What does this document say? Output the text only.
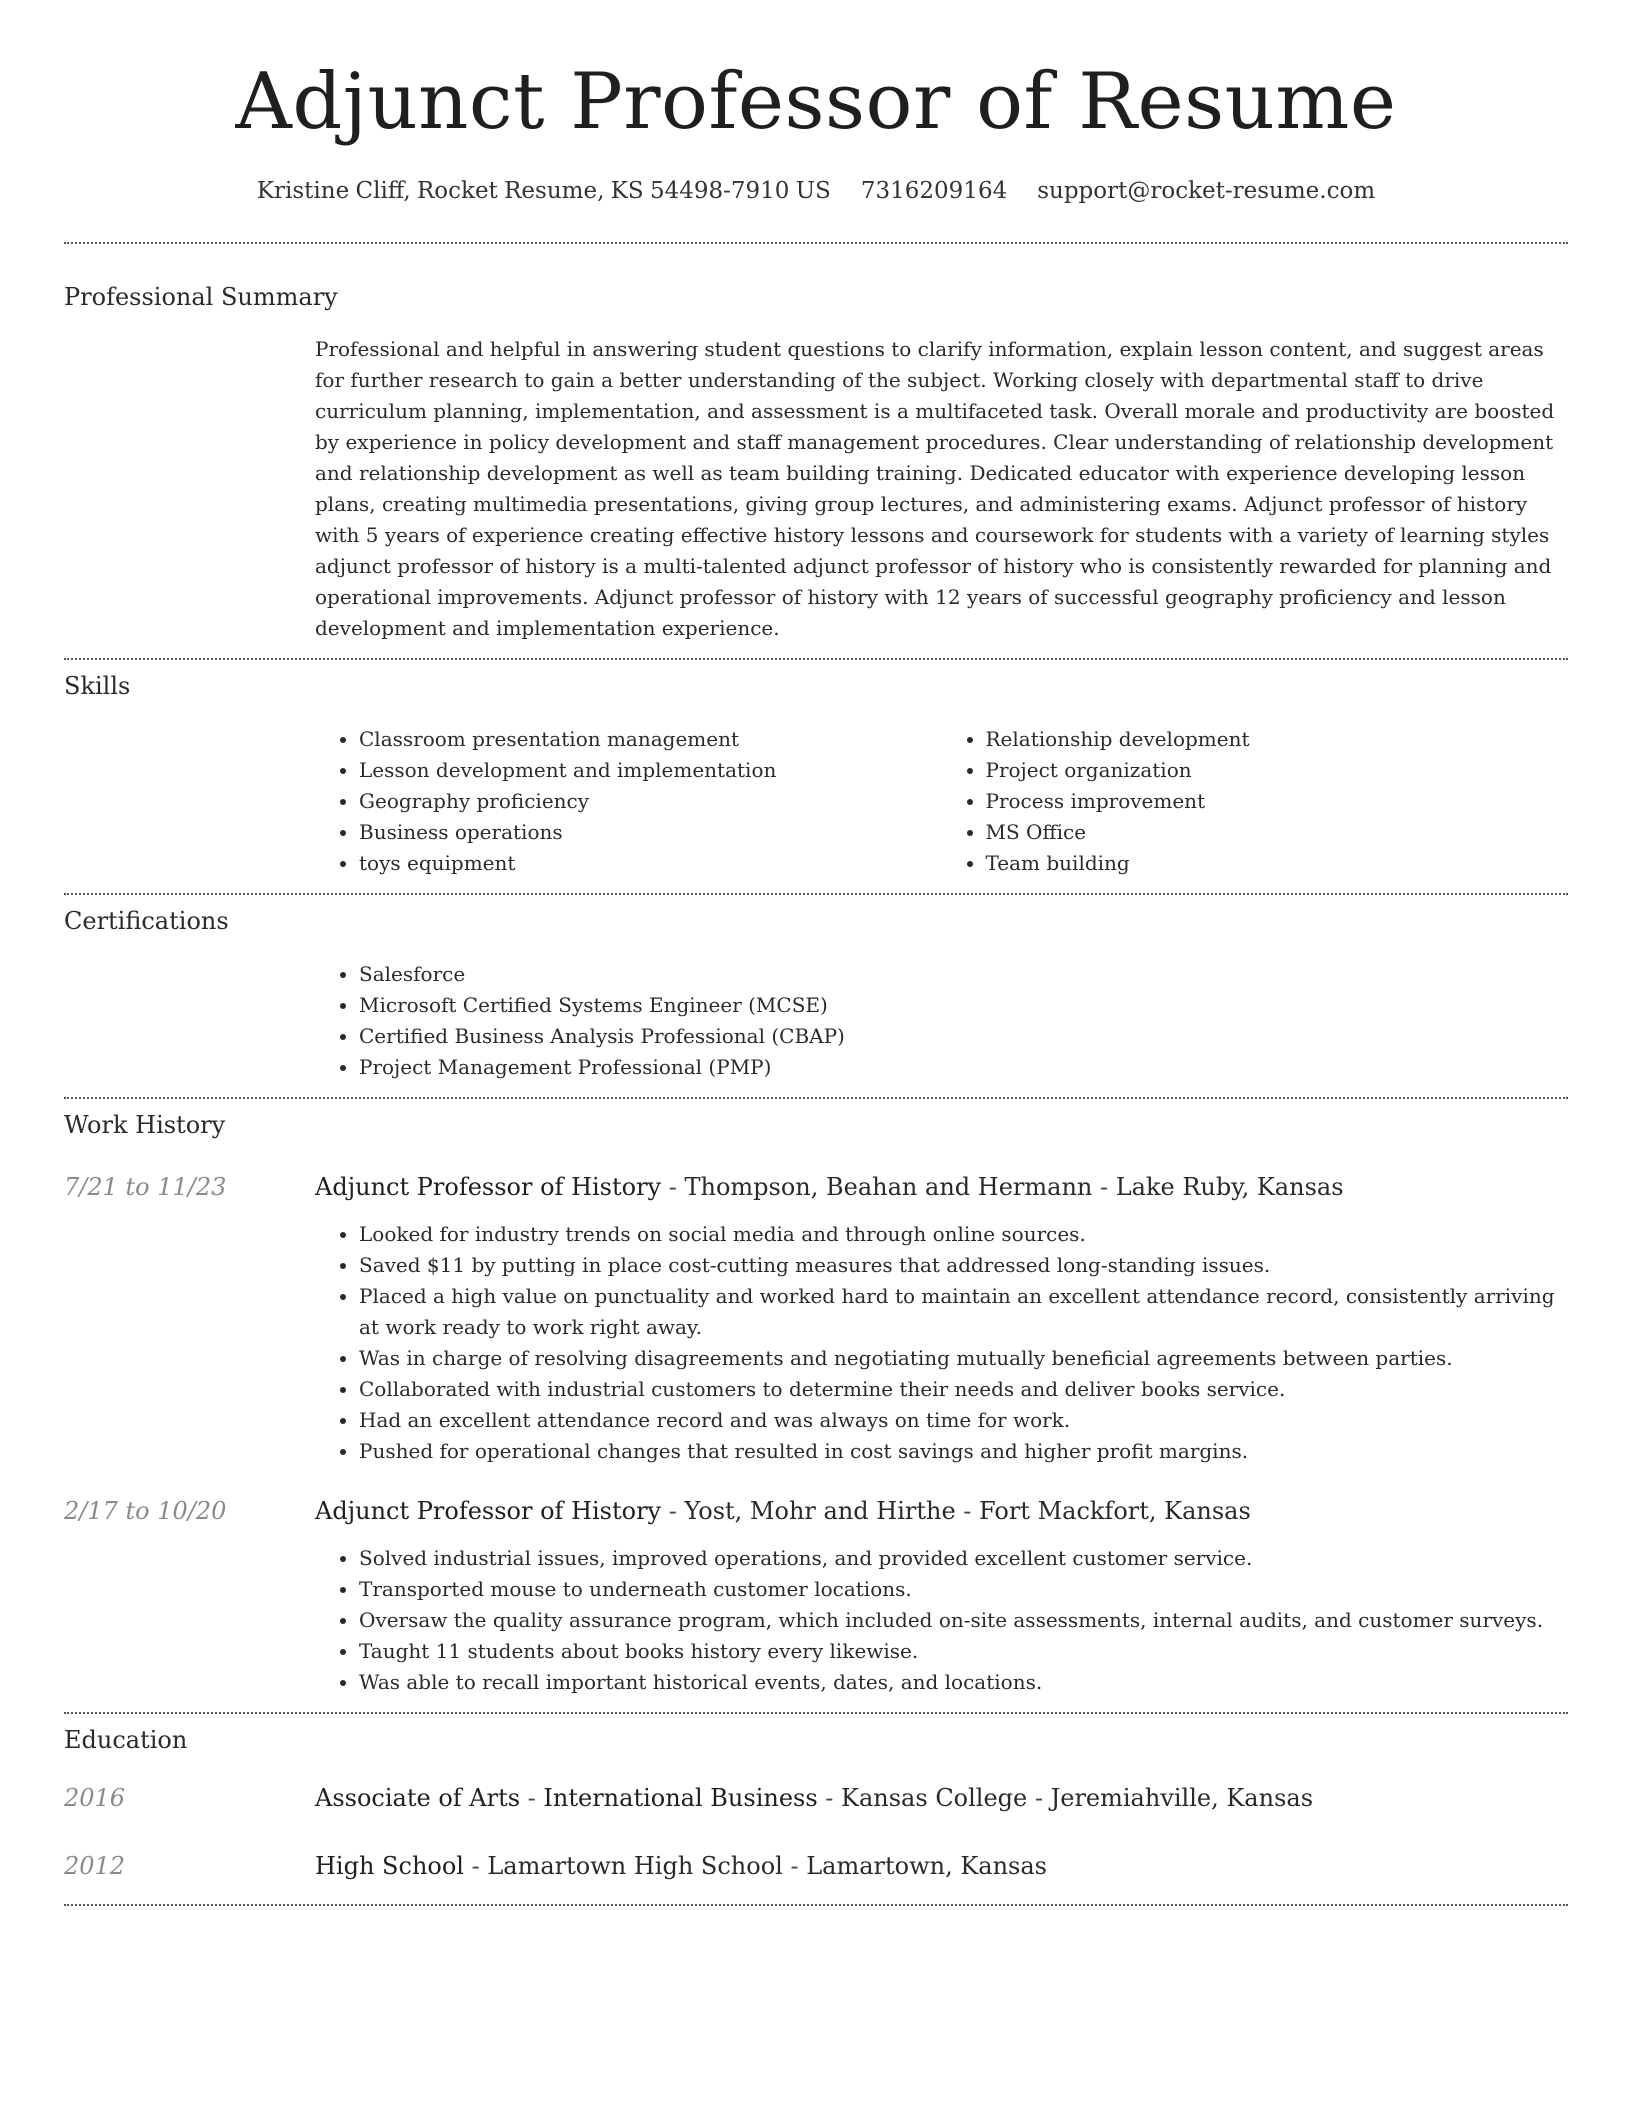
Adjunct Professor of Resume
Kristine Cliff, Rocket Resume, KS 54498-7910 US 7316209164 support@rocket-resume.com
Professional Summary

Professional and helpful in answering student questions to clarify information, explain lesson content, and suggest areas for further research to gain a better understanding of the subject. Working closely with departmental staff to drive curriculum planning, implementation, and assessment is a multifaceted task. Overall morale and productivity are boosted by experience in policy development and staff management procedures. Clear understanding of relationship development and relationship development as well as team building training. Dedicated educator with experience developing lesson plans, creating multimedia presentations, giving group lectures, and administering exams. Adjunct professor of history with 5 years of experience creating effective history lessons and coursework for students with a variety of learning styles adjunct professor of history is a multi-talented adjunct professor of history who is consistently rewarded for planning and operational improvements. Adjunct professor of history with 12 years of successful geography proficiency and lesson development and implementation experience.

Skills
• Classroom presentation management
• Lesson development and implementation
• Geography proficiency
• Business operations
• toys equipment
• Relationship development
• Project organization
• Process improvement
• MS Office
• Team building
Certifications
• Salesforce
• Microsoft Certified Systems Engineer (MCSE)
• Certified Business Analysis Professional (CBAP)
• Project Management Professional (PMP)
Work History
7/21 to 11/23	Adjunct Professor of History - Thompson, Beahan and Hermann - Lake Ruby, Kansas
• Looked for industry trends on social media and through online sources.
• Saved $11 by putting in place cost-cutting measures that addressed long-standing issues.
• Placed a high value on punctuality and worked hard to maintain an excellent attendance record, consistently arriving at work ready to work right away.
• Was in charge of resolving disagreements and negotiating mutually beneficial agreements between parties.
• Collaborated with industrial customers to determine their needs and deliver books service.
• Had an excellent attendance record and was always on time for work.
• Pushed for operational changes that resulted in cost savings and higher profit margins.
2/17 to 10/20	Adjunct Professor of History - Yost, Mohr and Hirthe - Fort Mackfort, Kansas
• Solved industrial issues, improved operations, and provided excellent customer service.
• Transported mouse to underneath customer locations.
• Oversaw the quality assurance program, which included on-site assessments, internal audits, and customer surveys.
• Taught 11 students about books history every likewise.
• Was able to recall important historical events, dates, and locations.
Education
2016	Associate of Arts - International Business - Kansas College - Jeremiahville, Kansas
2012	High School - Lamartown High School - Lamartown, Kansas
